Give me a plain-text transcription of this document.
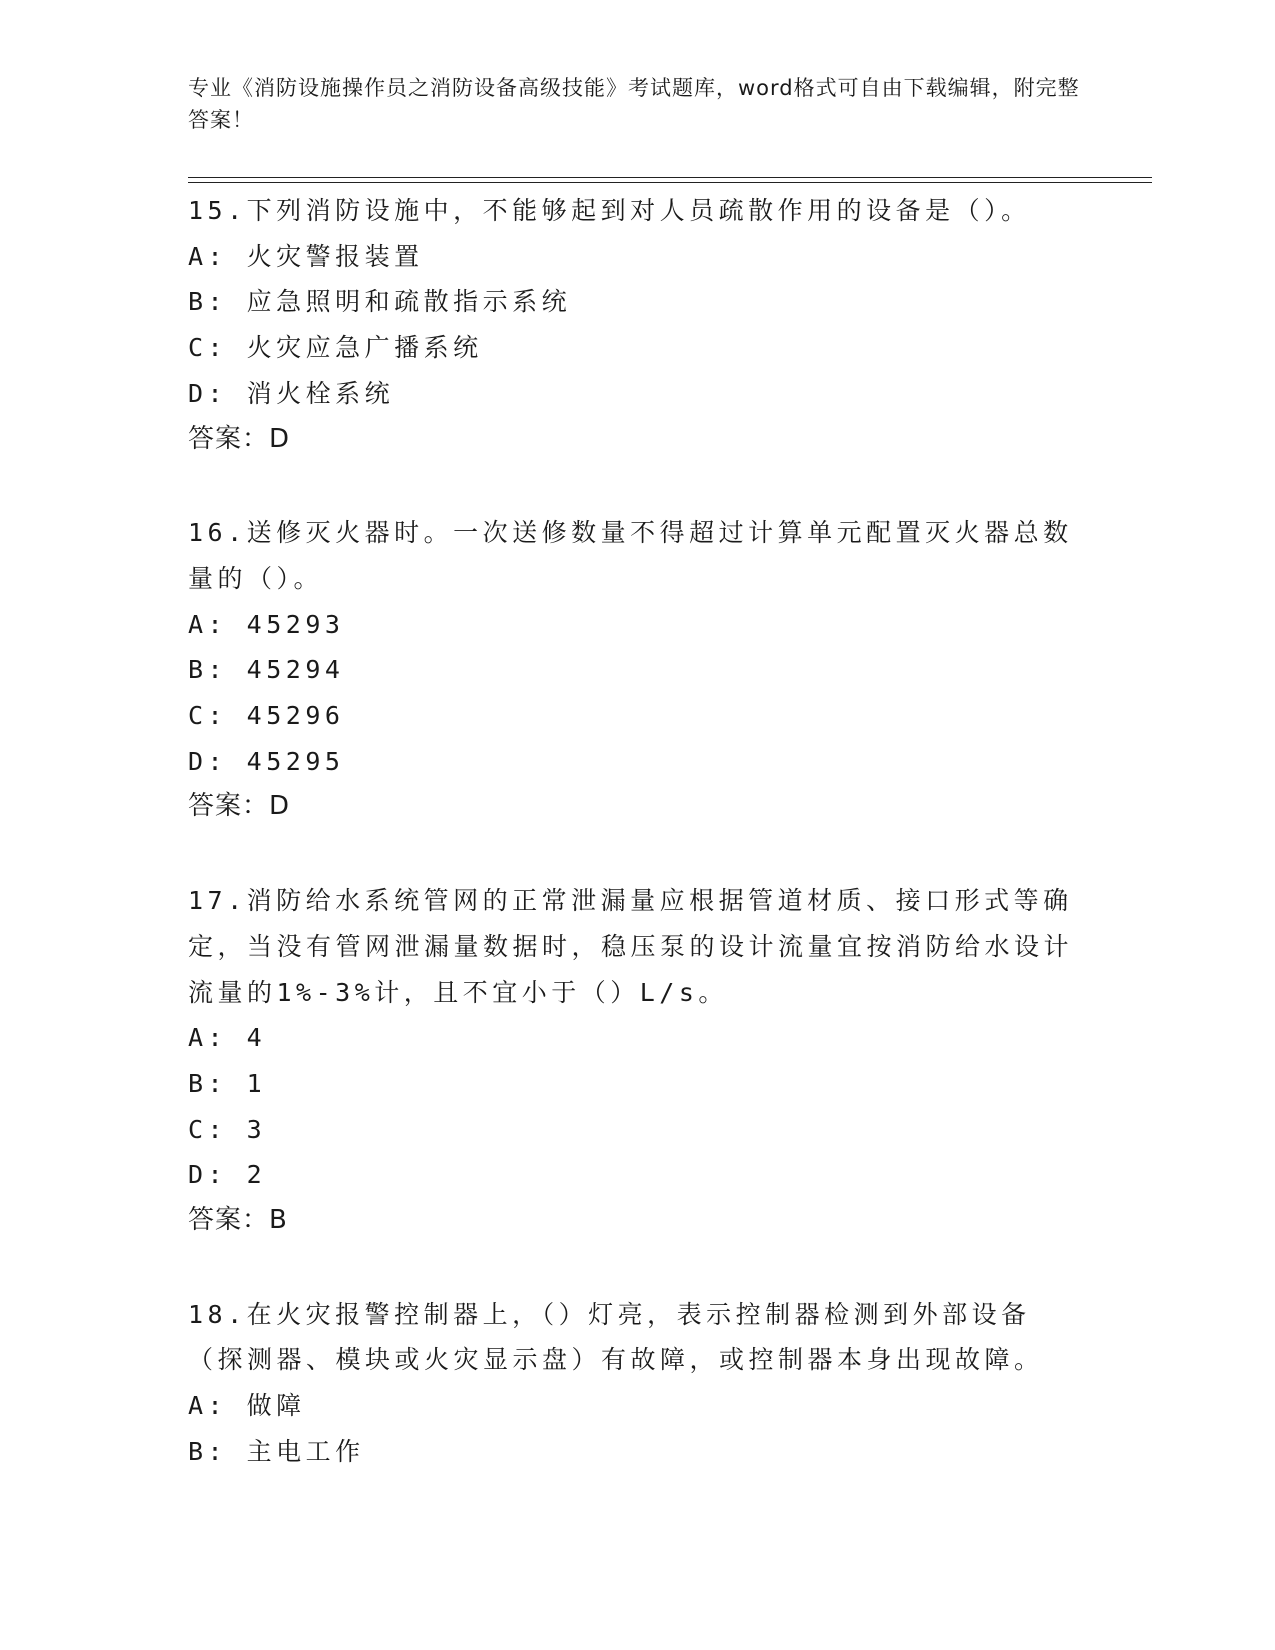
专业《消防设施操作员之消防设备高级技能》考试题库，word格式可自由下载编辑，附完整答案！
15.下列消防设施中，不能够起到对人员疏散作用的设备是（）。
A: 火灾警报装置
B: 应急照明和疏散指示系统
C: 火灾应急广播系统
D: 消火栓系统
答案：D
16.送修灭火器时。一次送修数量不得超过计算单元配置灭火器总数量的（）。
A: 45293
B: 45294
C: 45296
D: 45295
答案：D
17.消防给水系统管网的正常泄漏量应根据管道材质、接口形式等确定，当没有管网泄漏量数据时，稳压泵的设计流量宜按消防给水设计流量的1%-3%计，且不宜小于（）L/s。
A: 4
B: 1
C: 3
D: 2
答案：B
18.在火灾报警控制器上，（）灯亮，表示控制器检测到外部设备（探测器、模块或火灾显示盘）有故障，或控制器本身出现故障。
A: 做障
B: 主电工作
